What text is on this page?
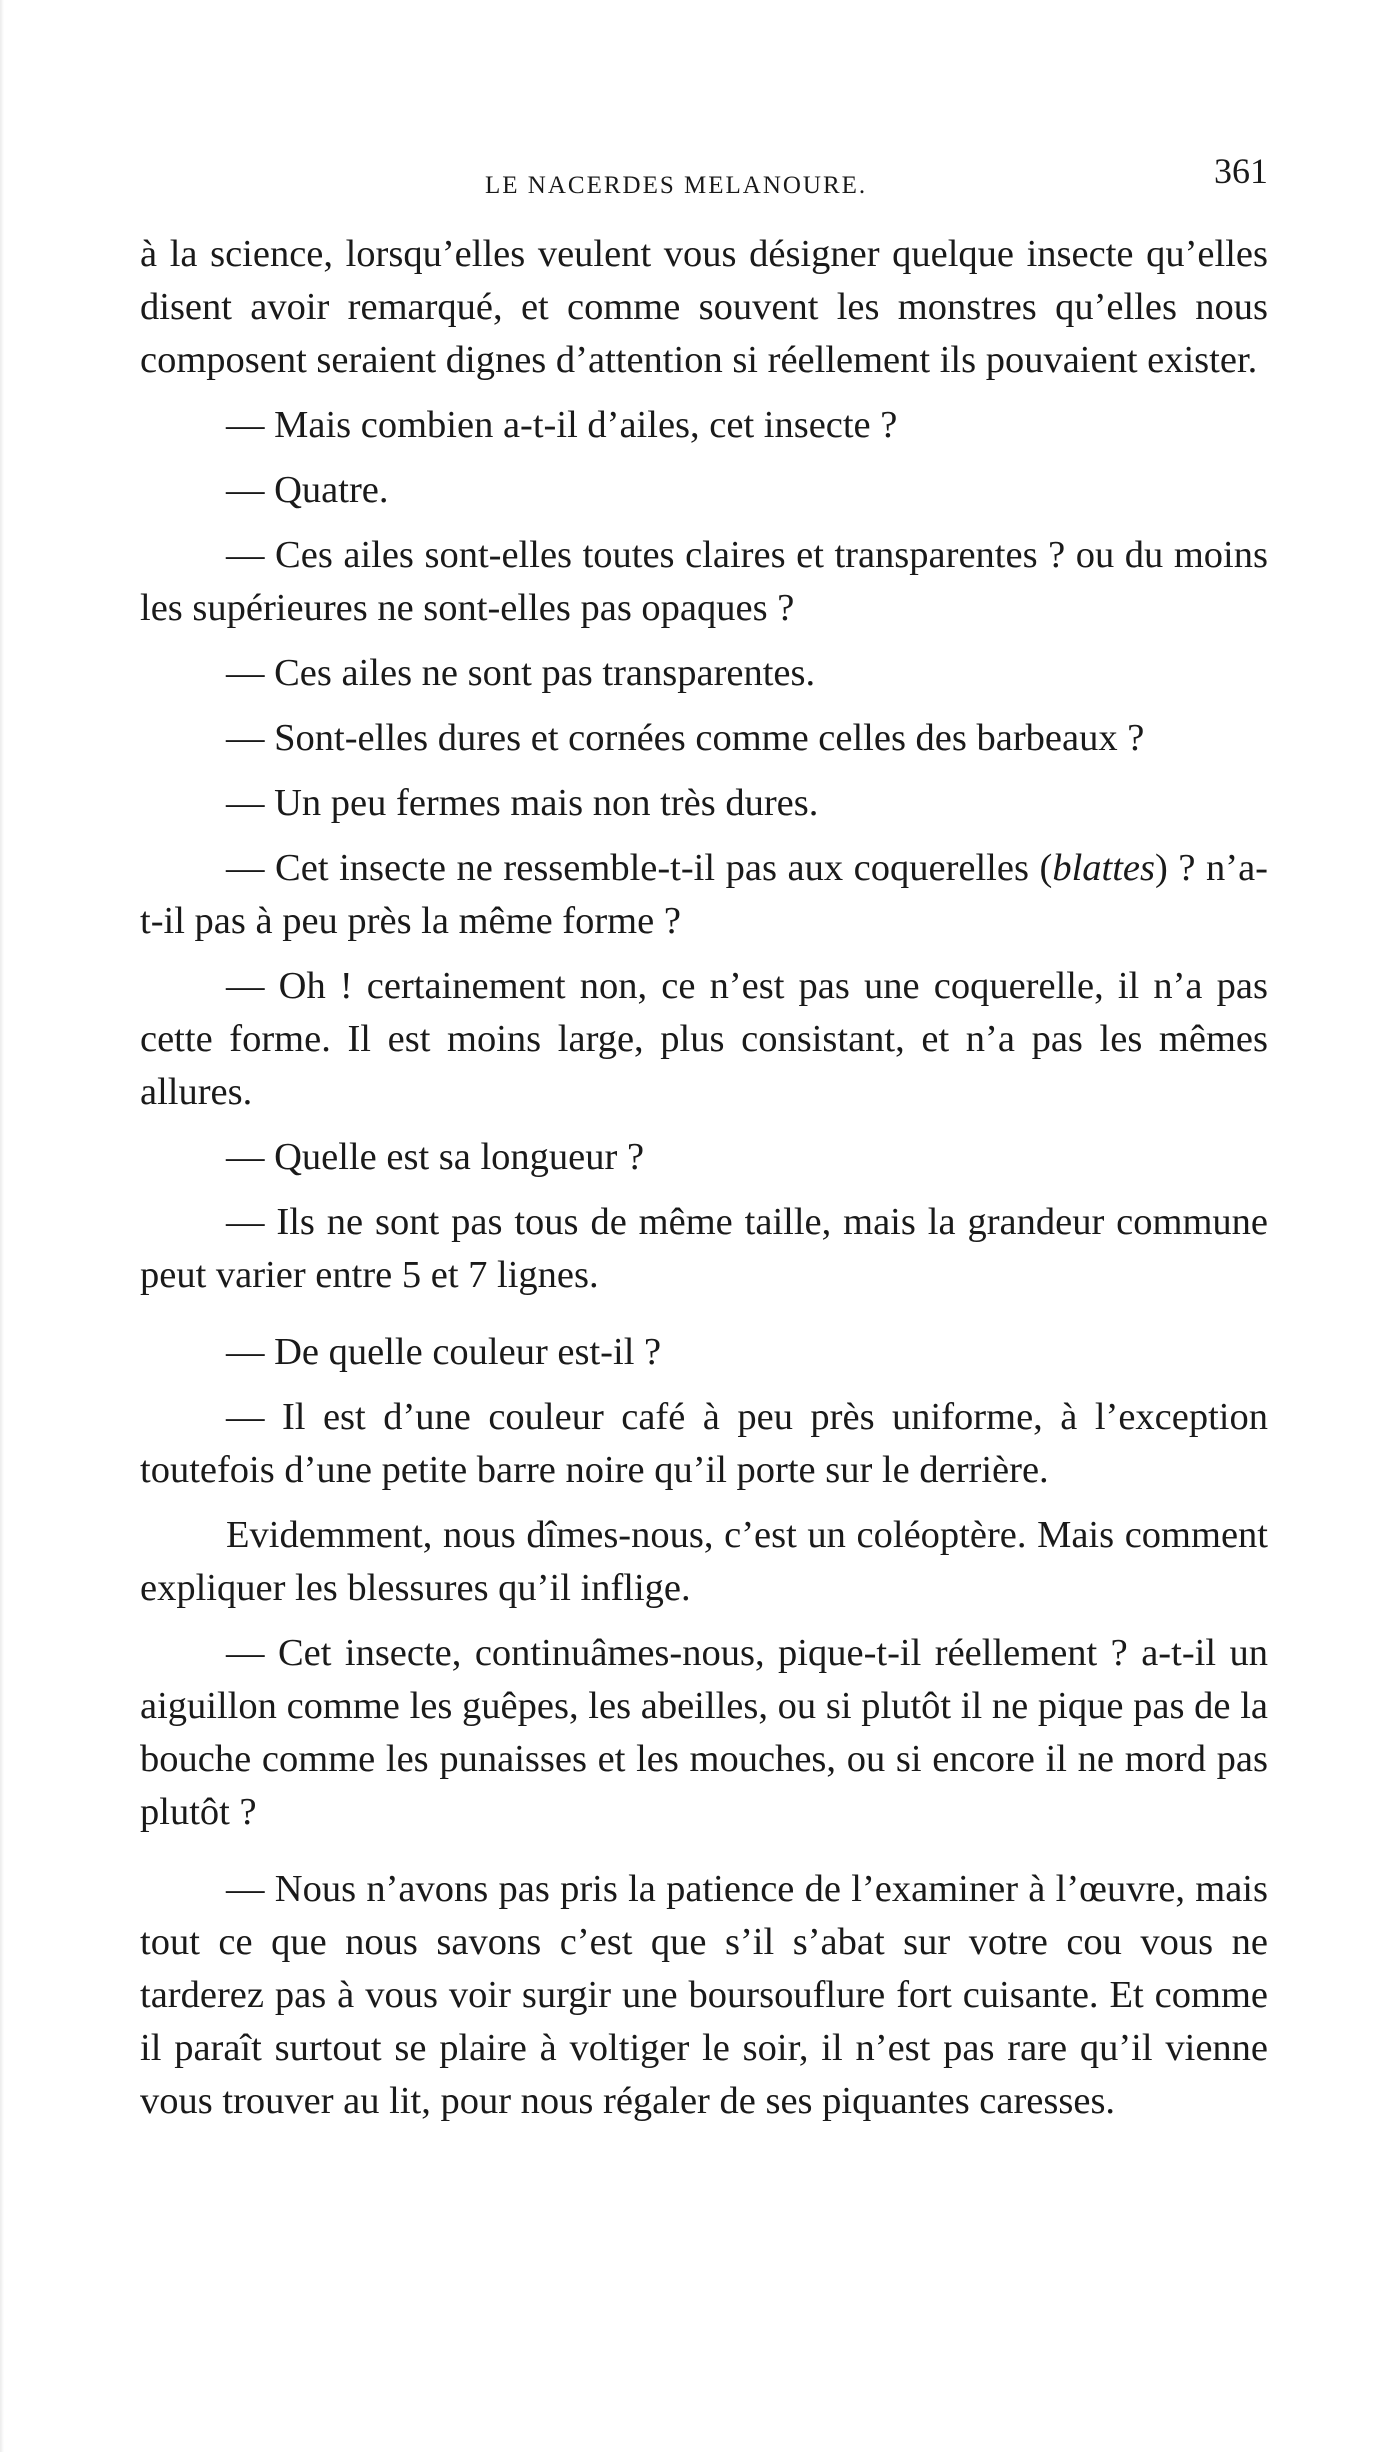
LE NACERDES MELANOURE.	361

à la science, lorsqu’elles veulent vous désigner quelque insecte qu’elles disent avoir remarqué, et comme souvent les monstres qu’elles nous composent seraient dignes d’attention si réellement ils pouvaient exister.

— Mais combien a-t-il d’ailes, cet insecte ?

— Quatre.

— Ces ailes sont-elles toutes claires et transparentes ? ou du moins les supérieures ne sont-elles pas opaques ?

— Ces ailes ne sont pas transparentes.

— Sont-elles dures et cornées comme celles des barbeaux ?

— Un peu fermes mais non très dures.

— Cet insecte ne ressemble-t-il pas aux coquerelles (blattes) ? n’a-t-il pas à peu près la même forme ?

— Oh ! certainement non, ce n’est pas une coquerelle, il n’a pas cette forme. Il est moins large, plus consistant, et n’a pas les mêmes allures.

— Quelle est sa longueur ?

— Ils ne sont pas tous de même taille, mais la grandeur commune peut varier entre 5 et 7 lignes.

— De quelle couleur est-il ?

— Il est d’une couleur café à peu près uniforme, à l’exception toutefois d’une petite barre noire qu’il porte sur le derrière.

Evidemment, nous dîmes-nous, c’est un coléoptère. Mais comment expliquer les blessures qu’il inflige.

— Cet insecte, continuâmes-nous, pique-t-il réellement ? a-t-il un aiguillon comme les guêpes, les abeilles, ou si plutôt il ne pique pas de la bouche comme les punaisses et les mouches, ou si encore il ne mord pas plutôt ?

— Nous n’avons pas pris la patience de l’examiner à l’œuvre, mais tout ce que nous savons c’est que s’il s’abat sur votre cou vous ne tarderez pas à vous voir surgir une boursouflure fort cuisante. Et comme il paraît surtout se plaire à voltiger le soir, il n’est pas rare qu’il vienne vous trouver au lit, pour nous régaler de ses piquantes caresses.
